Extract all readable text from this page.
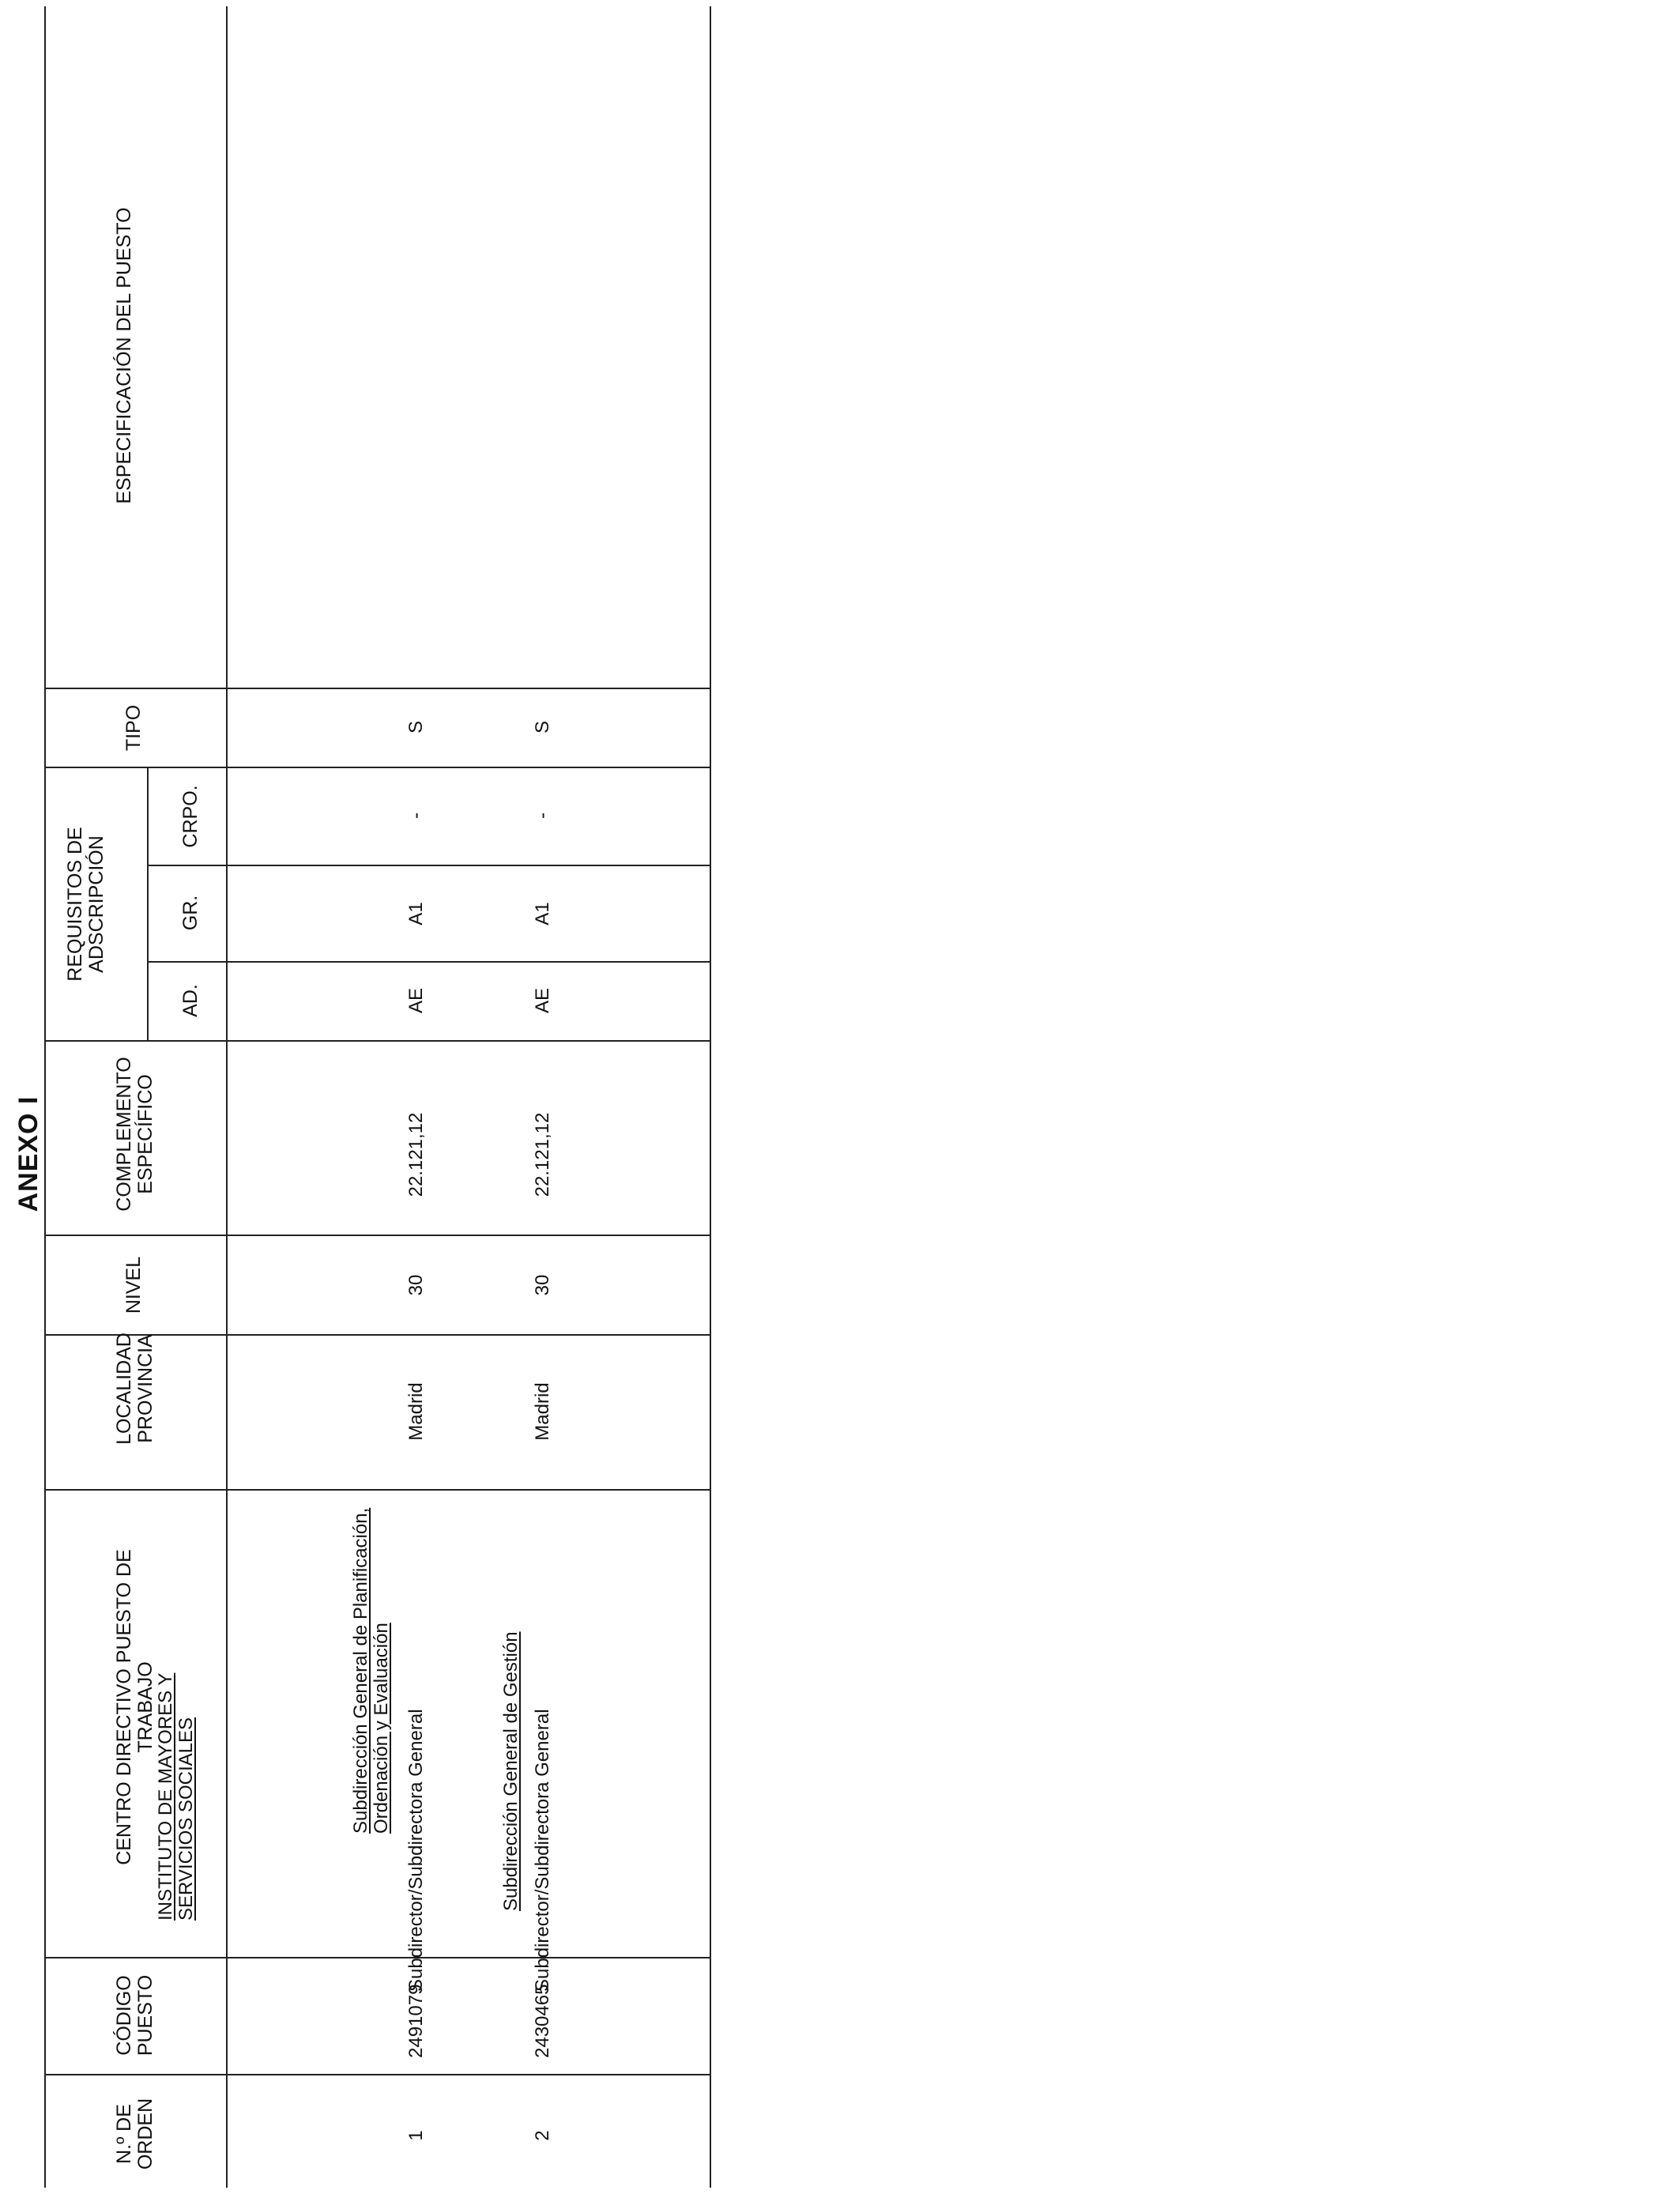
ANEXO I
ESPECIFICACIÓN DEL PUESTO
TIPO
REQUISITOS DE ADSCRIPCIÓN
AD.
GR.
CRPO.
COMPLEMENTO ESPECÍFICO
NIVEL
LOCALIDAD PROVINCIA
CENTRO DIRECTIVO PUESTO DE TRABAJO
CÓDIGO PUESTO
N.º DE ORDEN
INSTITUTO DE MAYORES Y SERVICIOS SOCIALES	Subdirección General de Planificación, Ordenación y Evaluación
1
2491079
Subdirector/Subdirectora General
Madrid
30
22.121,12
AE
A1
-
S
Subdirección General de Gestión
2
2430465
Subdirector/Subdirectora General
Madrid
30
22.121,12
AE
A1
-
S
